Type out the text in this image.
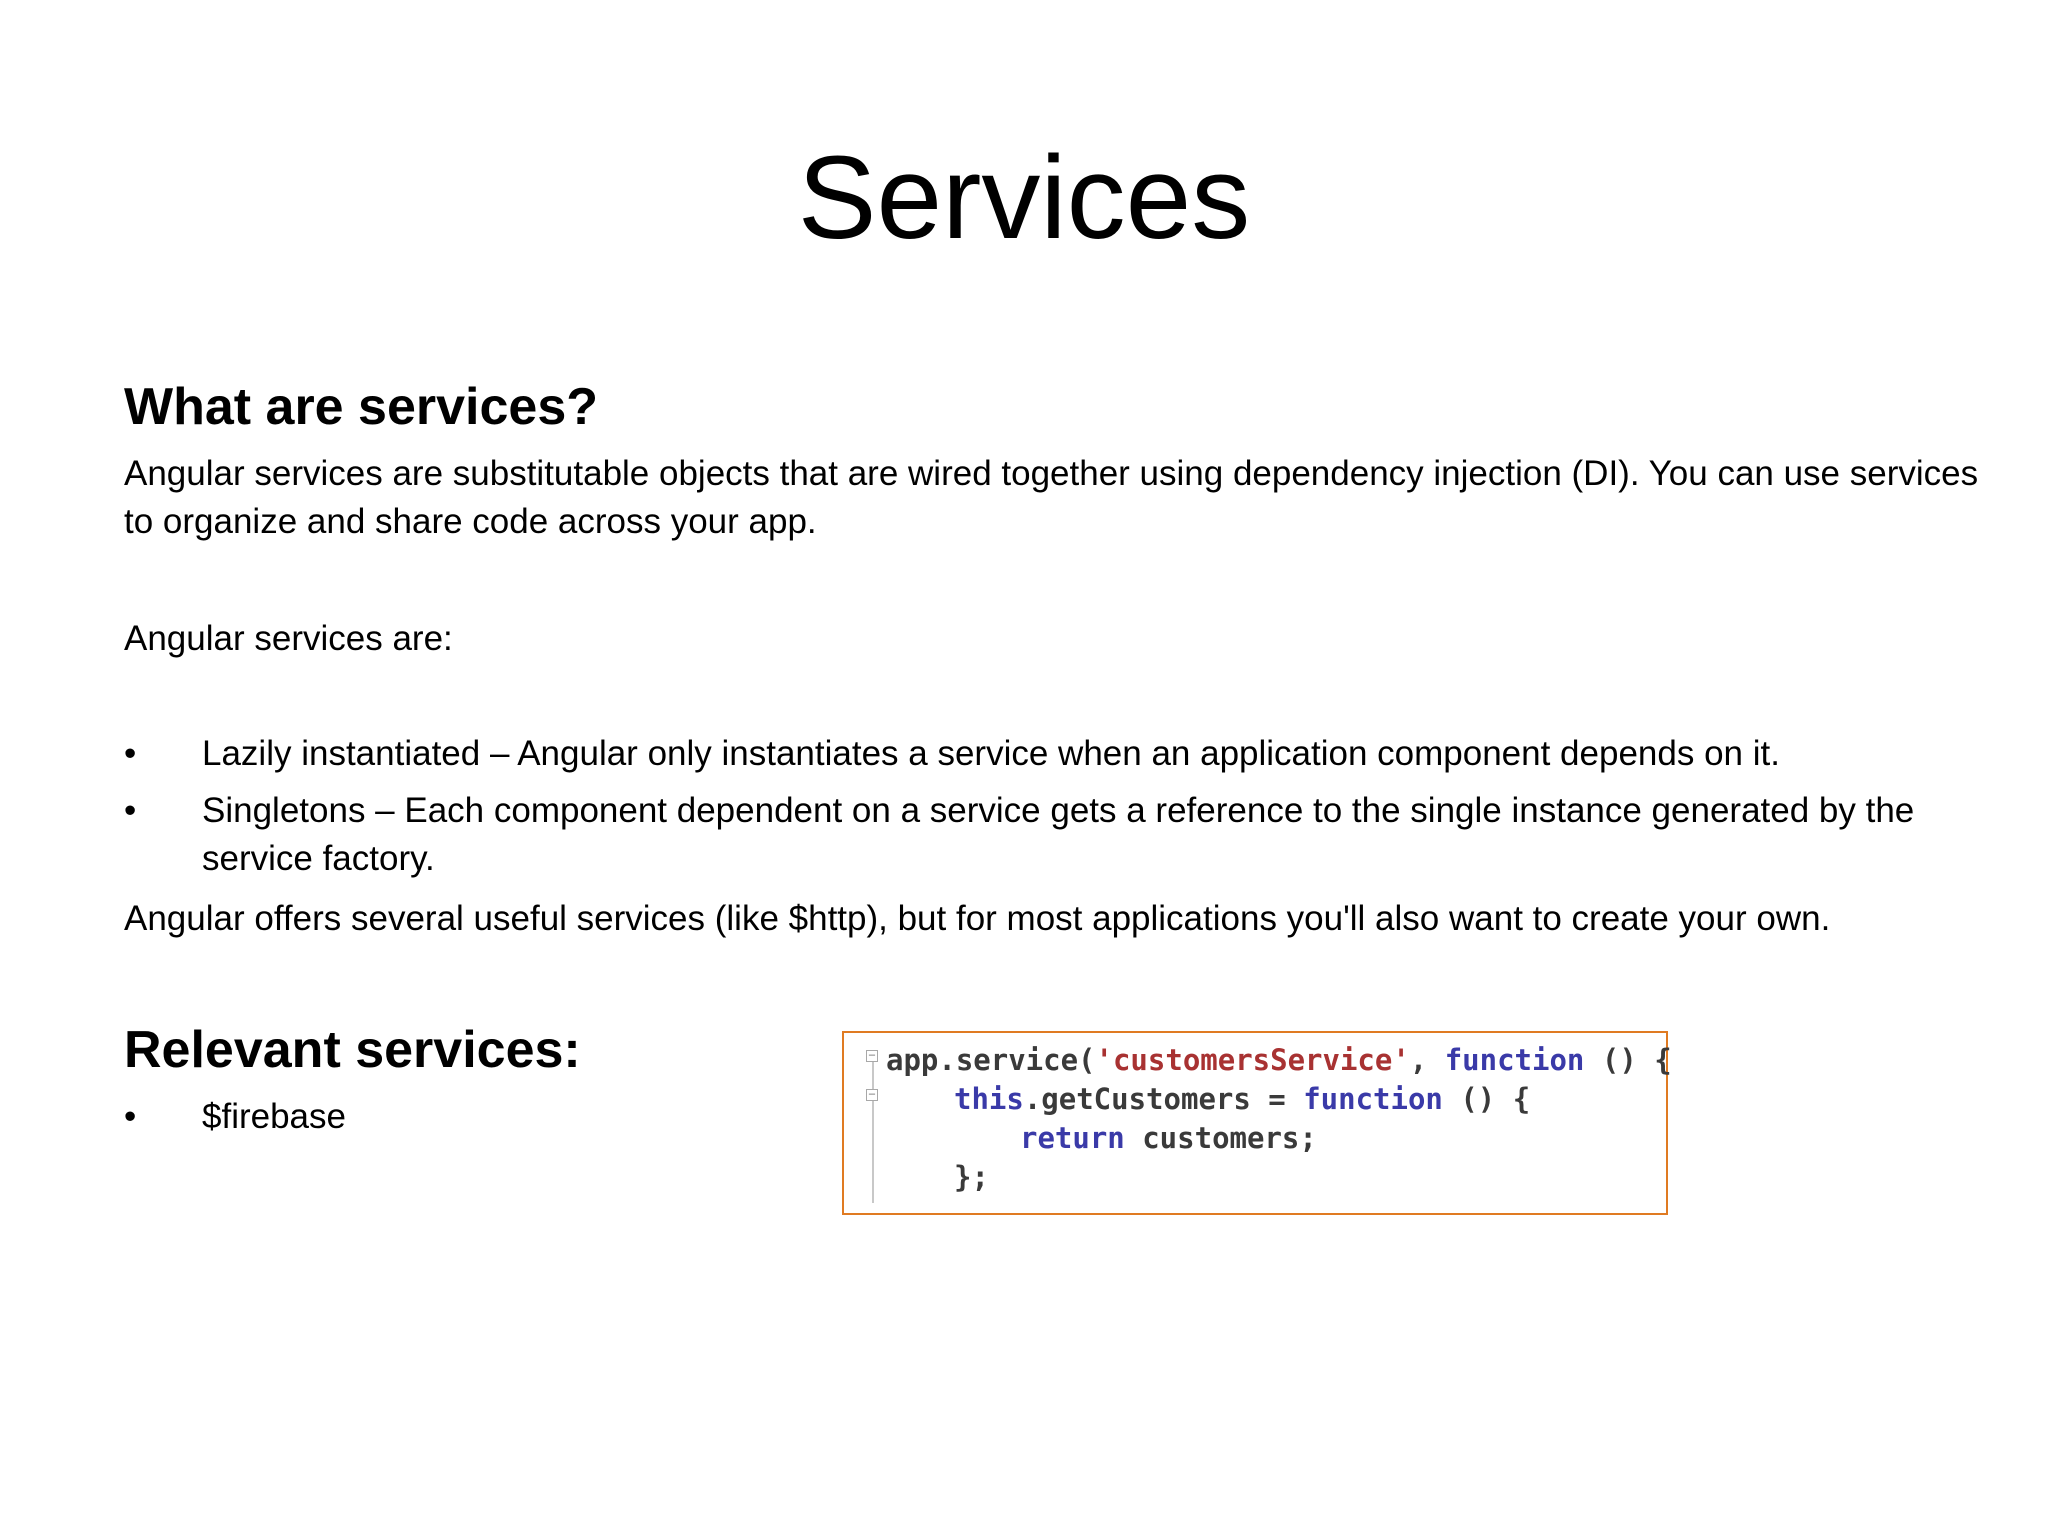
Services
What are services?

Angular services are substitutable objects that are wired together using dependency injection (DI). You can use services to organize and share code across your app.

Angular services are:

•	Lazily instantiated – Angular only instantiates a service when an application component depends on it.
•	Singletons – Each component dependent on a service gets a reference to the single instance generated by the service factory.

Angular offers several useful services (like $http), but for most applications you'll also want to create your own.

Relevant services:
•	$firebase
−
−
app.service('customersService', function () {
this.getCustomers = function () {
return customers;
};
